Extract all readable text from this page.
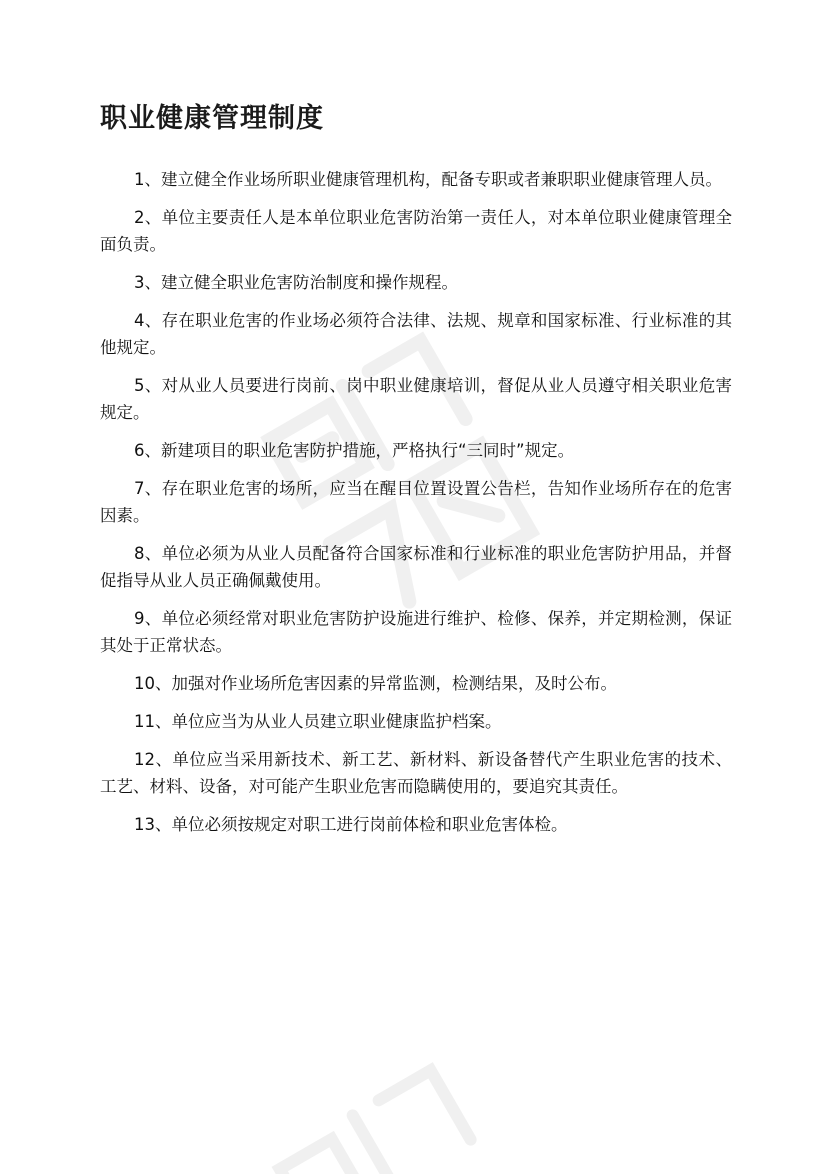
职业健康管理制度

1、建立健全作业场所职业健康管理机构，配备专职或者兼职职业健康管理人员。

2、单位主要责任人是本单位职业危害防治第一责任人，对本单位职业健康管理全面负责。

3、建立健全职业危害防治制度和操作规程。

4、存在职业危害的作业场必须符合法律、法规、规章和国家标准、行业标准的其他规定。

5、对从业人员要进行岗前、岗中职业健康培训，督促从业人员遵守相关职业危害规定。

6、新建项目的职业危害防护措施，严格执行“三同时”规定。

7、存在职业危害的场所，应当在醒目位置设置公告栏，告知作业场所存在的危害因素。

8、单位必须为从业人员配备符合国家标准和行业标准的职业危害防护用品，并督促指导从业人员正确佩戴使用。

9、单位必须经常对职业危害防护设施进行维护、检修、保养，并定期检测，保证其处于正常状态。

10、加强对作业场所危害因素的异常监测，检测结果，及时公布。

11、单位应当为从业人员建立职业健康监护档案。

12、单位应当采用新技术、新工艺、新材料、新设备替代产生职业危害的技术、工艺、材料、设备，对可能产生职业危害而隐瞒使用的，要追究其责任。

13、单位必须按规定对职工进行岗前体检和职业危害体检。
